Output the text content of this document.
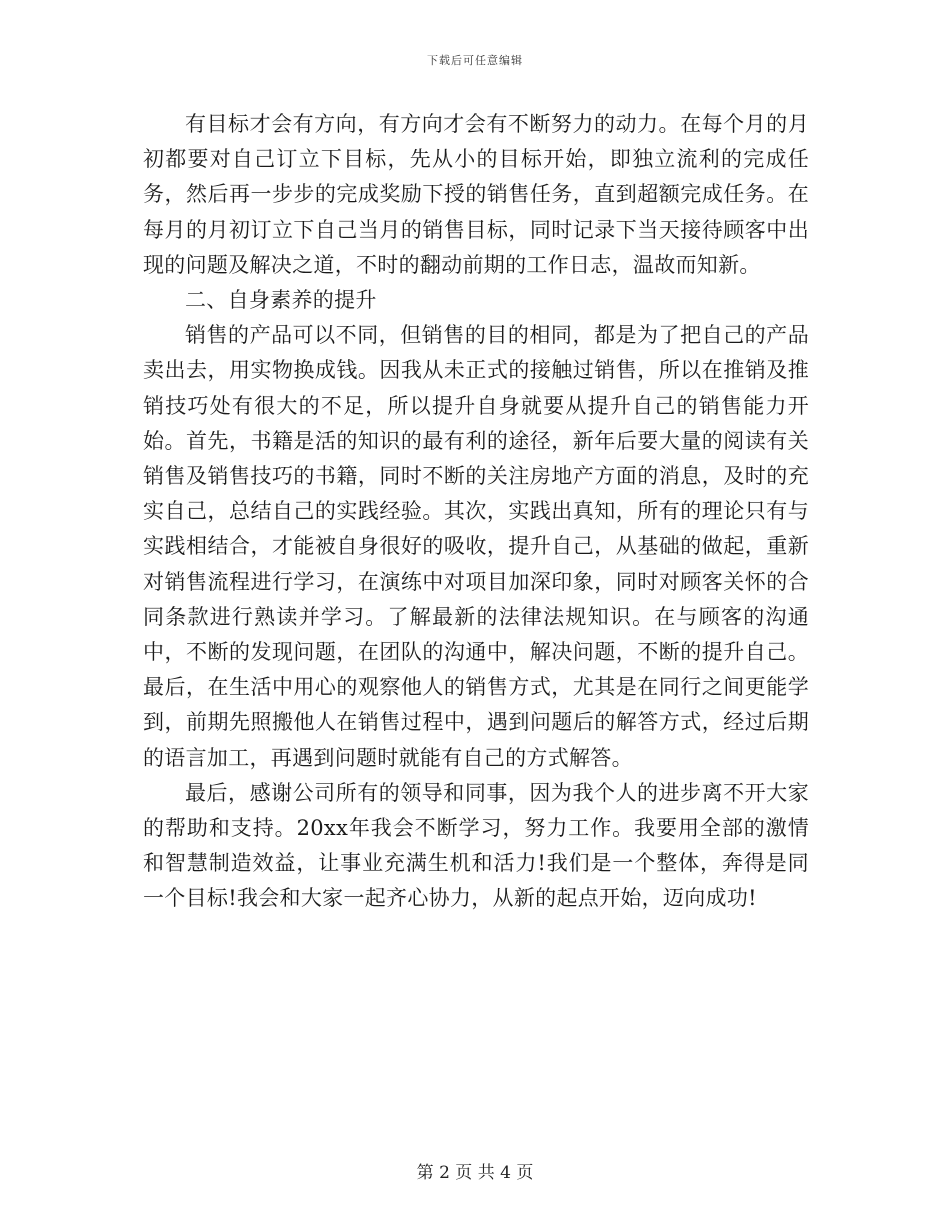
下载后可任意编辑

有目标才会有方向，有方向才会有不断努力的动力。在每个月的月初都要对自己订立下目标，先从小的目标开始，即独立流利的完成任务，然后再一步步的完成奖励下授的销售任务，直到超额完成任务。在每月的月初订立下自己当月的销售目标，同时记录下当天接待顾客中出现的问题及解决之道，不时的翻动前期的工作日志，温故而知新。

二、自身素养的提升

销售的产品可以不同，但销售的目的相同，都是为了把自己的产品卖出去，用实物换成钱。因我从未正式的接触过销售，所以在推销及推销技巧处有很大的不足，所以提升自身就要从提升自己的销售能力开始。首先，书籍是活的知识的最有利的途径，新年后要大量的阅读有关销售及销售技巧的书籍，同时不断的关注房地产方面的消息，及时的充实自己，总结自己的实践经验。其次，实践出真知，所有的理论只有与实践相结合，才能被自身很好的吸收，提升自己，从基础的做起，重新对销售流程进行学习，在演练中对项目加深印象，同时对顾客关怀的合同条款进行熟读并学习。了解最新的法律法规知识。在与顾客的沟通中，不断的发现问题，在团队的沟通中，解决问题，不断的提升自己。最后，在生活中用心的观察他人的销售方式，尤其是在同行之间更能学到，前期先照搬他人在销售过程中，遇到问题后的解答方式，经过后期的语言加工，再遇到问题时就能有自己的方式解答。

最后，感谢公司所有的领导和同事，因为我个人的进步离不开大家的帮助和支持。20xx年我会不断学习，努力工作。我要用全部的激情和智慧制造效益，让事业充满生机和活力!我们是一个整体，奔得是同一个目标!我会和大家一起齐心协力，从新的起点开始，迈向成功!

第 2 页 共 4 页
